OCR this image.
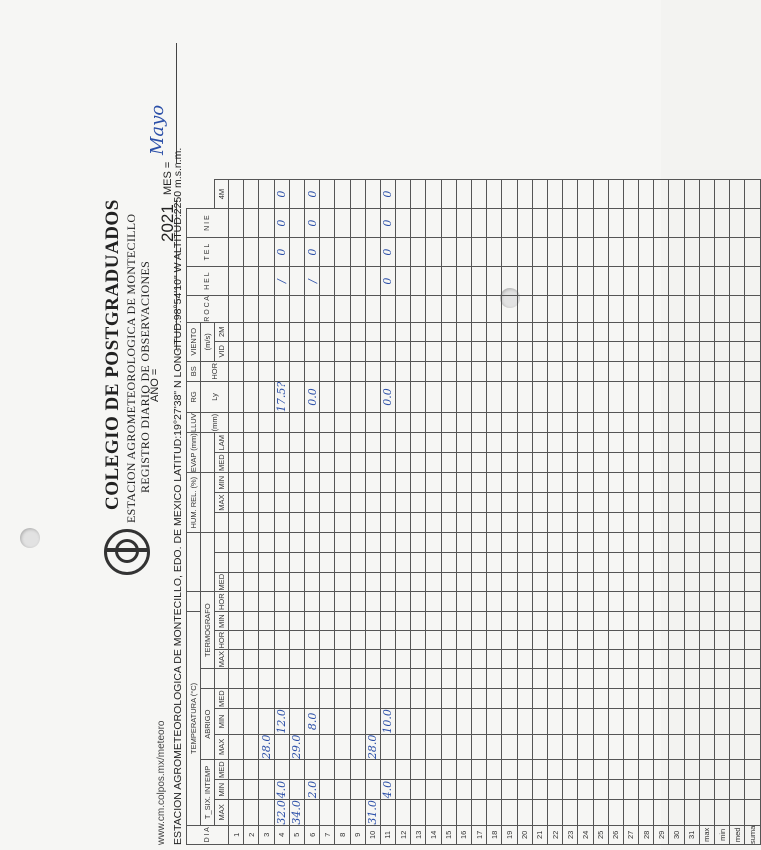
COLEGIO DE POSTGRADUADOS ESTACION AGROMETEOROLOGICA DE MONTECILLO REGISTRO DIARIO DE OBSERVACIONES
AÑO =
www.cm.colpos.mx/meteoro
2021
MES =
Mayo
ESTACION AGROMETEOROLOGICA DE MONTECILLO, EDO. DE MEXICO LATITUD:19°27'38" N LONGITUD:98°54'10" W ALTITUD:2250 m.s.n.m.	D I A	TEMPERATURA (°C)														HUM. REL. (%)			EVAP (mm)		LLUV	RG	BS	VIENTO		R O C A	H E L	T E L	N I E	
	T_SIX. INTEMP			ABRIGO				TERMOGRAFO												(mm)	Ly	HOR	(m/s)						
	MAX	MIN	MED	MAX	MIN	MED		MAX	HOR	MIN	HOR	MED				MAX	MIN	MED	LAM				VID	2M					4M
1																													
2																													
3				28.0																									
4	32.0	4.0			12.0																17.5?					/	0	0	0
5	34.0			29.0																									
6		2.0			8.0																0.0					/	0	0	0
7																													
8																													
9																													
10	31.0			28.0																									
11		4.0			10.0																0.0					0	0	0	0
12																													
13																													
14																													
15																													
16																													
17																													
18																													
19																													
20																													
21																													
22																													
23																													
24																													
25																													
26																													
27																													
28																													
29																													
30																													
31																													
max																													
min																													
med																													
suma																													
